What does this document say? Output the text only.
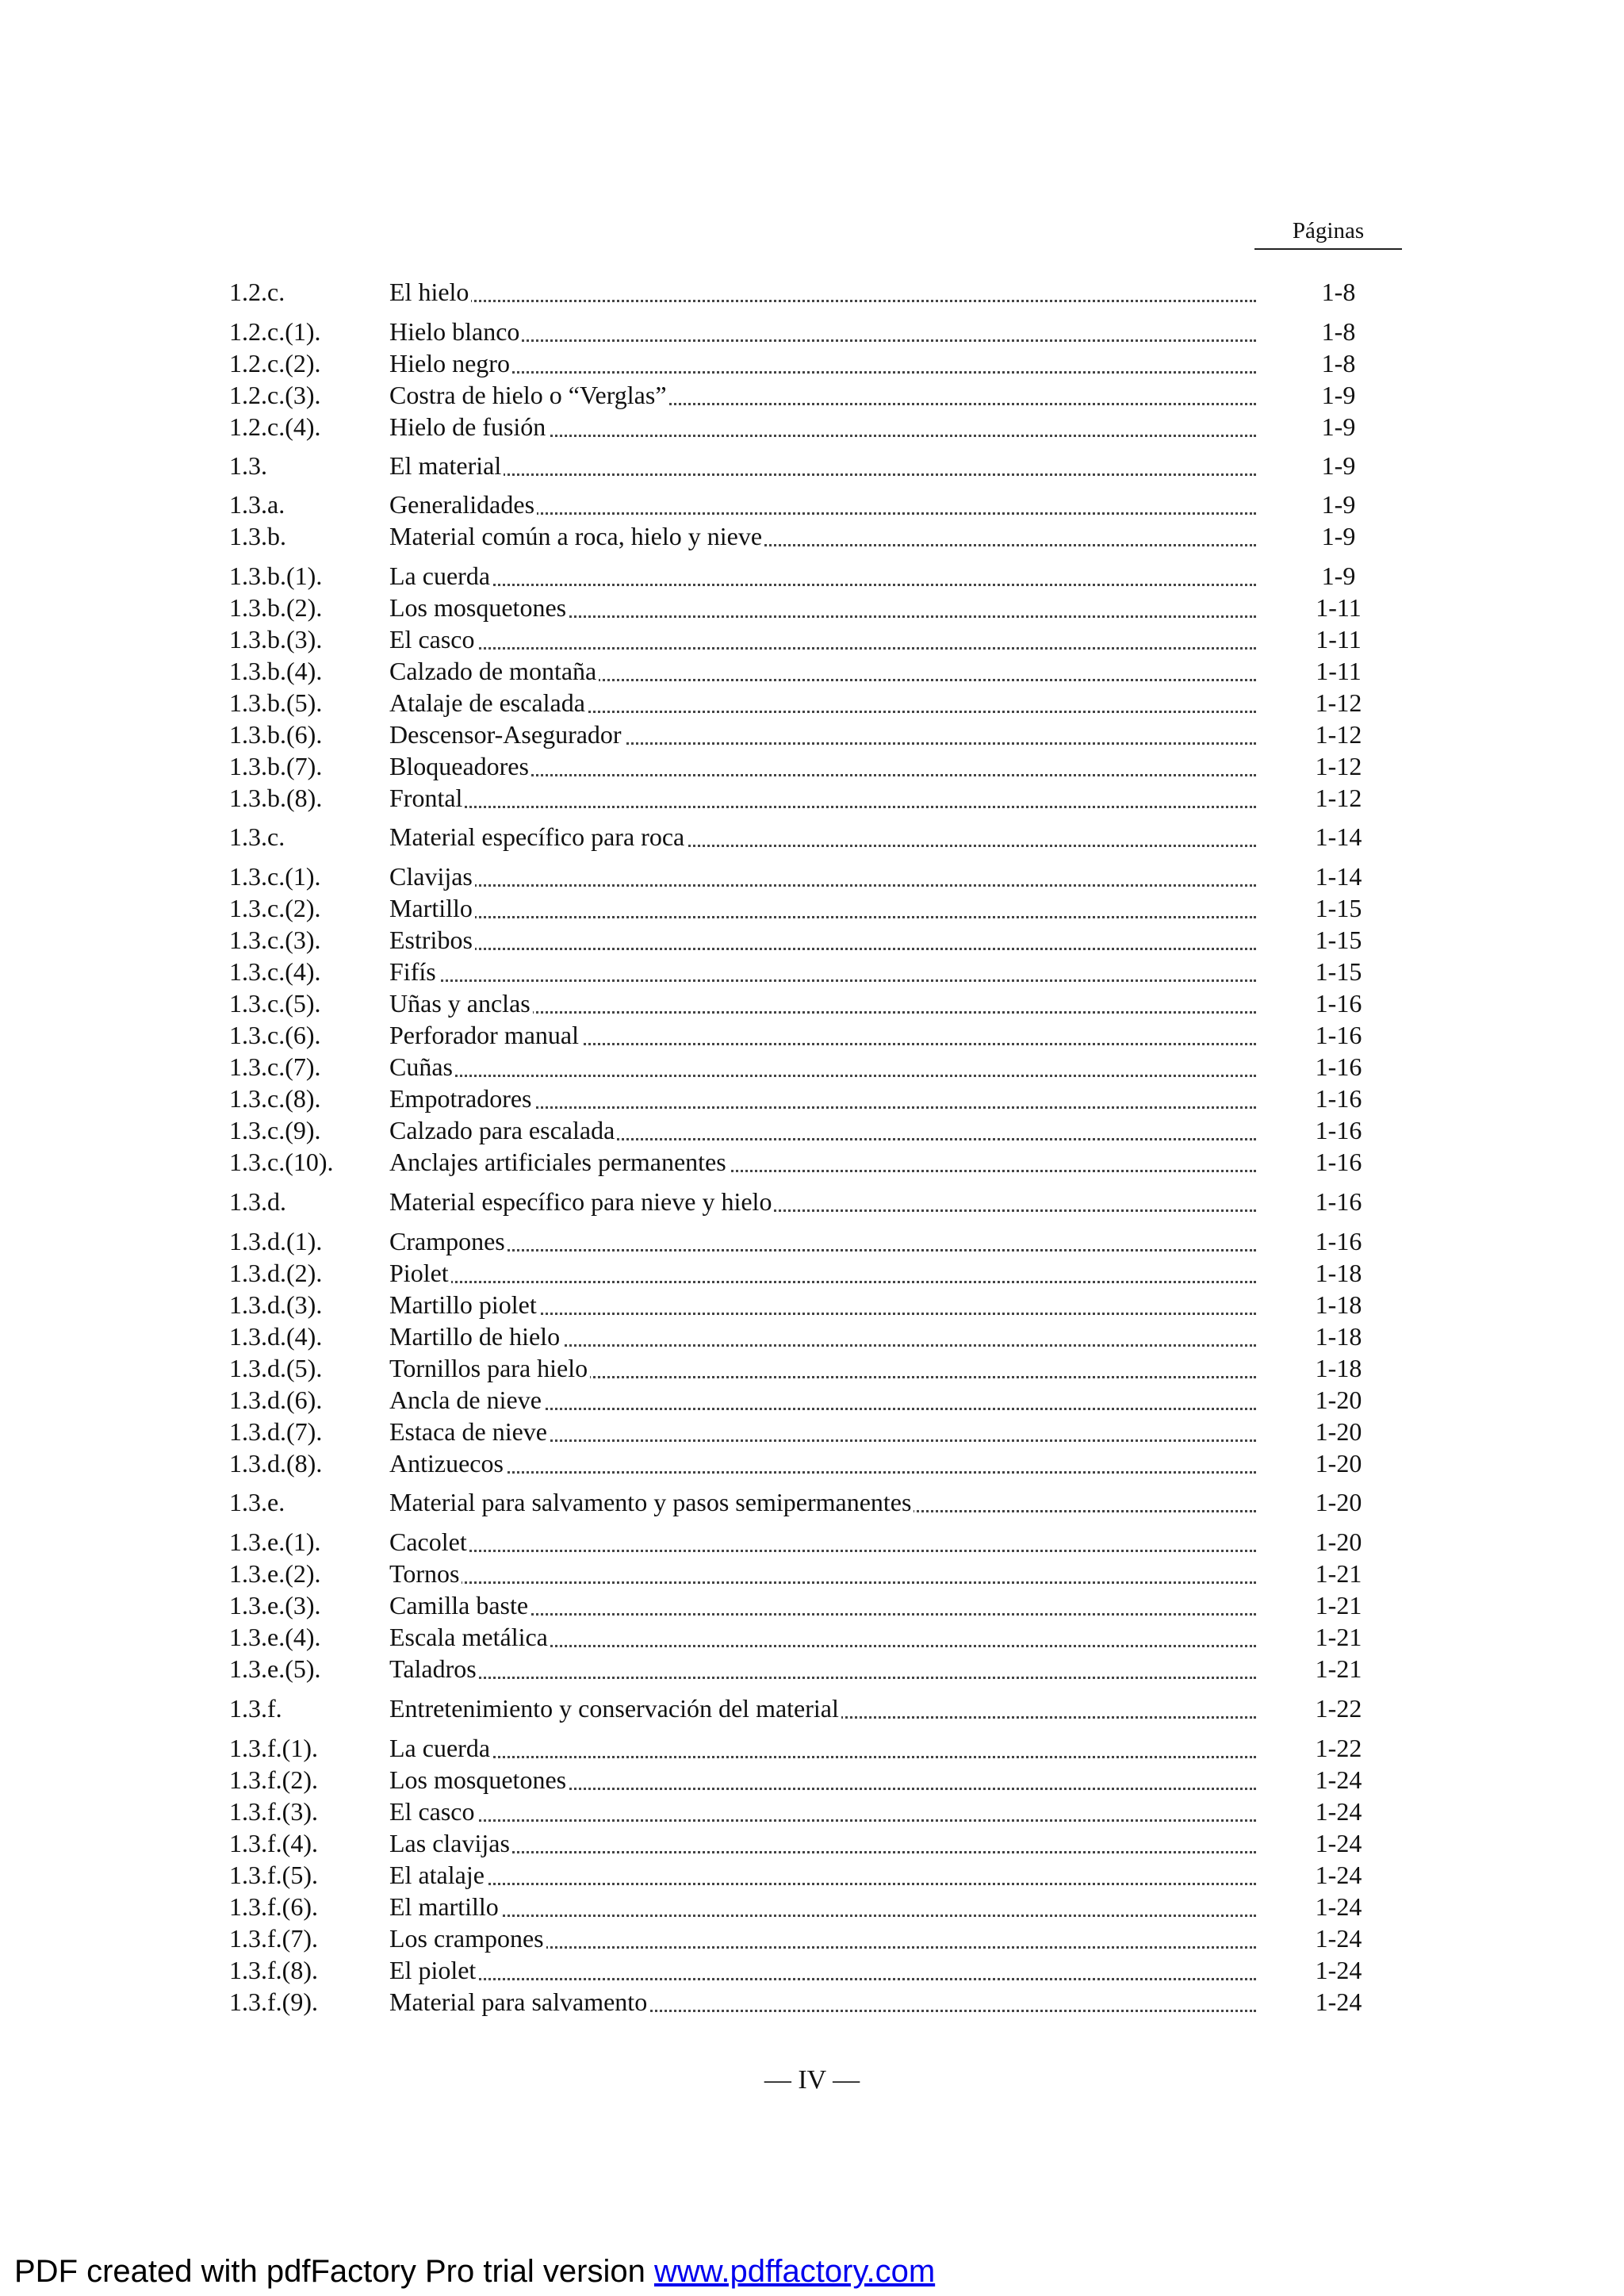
Páginas
1.2.c.	El hielo	1-8
1.2.c.(1).	Hielo blanco	1-8
1.2.c.(2).	Hielo negro	1-8
1.2.c.(3).	Costra de hielo o “Verglas”	1-9
1.2.c.(4).	Hielo de fusión	1-9
1.3.	El material	1-9
1.3.a.	Generalidades	1-9
1.3.b.	Material común a roca, hielo y nieve	1-9
1.3.b.(1).	La cuerda	1-9
1.3.b.(2).	Los mosquetones	1-11
1.3.b.(3).	El casco	1-11
1.3.b.(4).	Calzado de montaña	1-11
1.3.b.(5).	Atalaje de escalada	1-12
1.3.b.(6).	Descensor-Asegurador	1-12
1.3.b.(7).	Bloqueadores	1-12
1.3.b.(8).	Frontal	1-12
1.3.c.	Material específico para roca	1-14
1.3.c.(1).	Clavijas	1-14
1.3.c.(2).	Martillo	1-15
1.3.c.(3).	Estribos	1-15
1.3.c.(4).	Fifís	1-15
1.3.c.(5).	Uñas y anclas	1-16
1.3.c.(6).	Perforador manual	1-16
1.3.c.(7).	Cuñas	1-16
1.3.c.(8).	Empotradores	1-16
1.3.c.(9).	Calzado para escalada	1-16
1.3.c.(10). Anclajes artificiales permanentes	1-16
1.3.d.	Material específico para nieve y hielo	1-16
1.3.d.(1).	Crampones	1-16
1.3.d.(2).	Piolet	1-18
1.3.d.(3).	Martillo piolet	1-18
1.3.d.(4).	Martillo de hielo	1-18
1.3.d.(5).	Tornillos para hielo	1-18
1.3.d.(6).	Ancla de nieve	1-20
1.3.d.(7).	Estaca de nieve	1-20
1.3.d.(8).	Antizuecos	1-20
1.3.e.	Material para salvamento y pasos semipermanentes	1-20
1.3.e.(1).	Cacolet	1-20
1.3.e.(2).	Tornos	1-21
1.3.e.(3).	Camilla baste	1-21
1.3.e.(4).	Escala metálica	1-21
1.3.e.(5).	Taladros	1-21
1.3.f.	Entretenimiento y conservación del material	1-22
1.3.f.(1).	La cuerda	1-22
1.3.f.(2).	Los mosquetones	1-24
1.3.f.(3).	El casco	1-24
1.3.f.(4).	Las clavijas	1-24
1.3.f.(5).	El atalaje	1-24
1.3.f.(6).	El martillo	1-24
1.3.f.(7).	Los crampones	1-24
1.3.f.(8).	El piolet	1-24
1.3.f.(9).	Material para salvamento	1-24
— IV —
PDF created with pdfFactory Pro trial version www.pdffactory.com
